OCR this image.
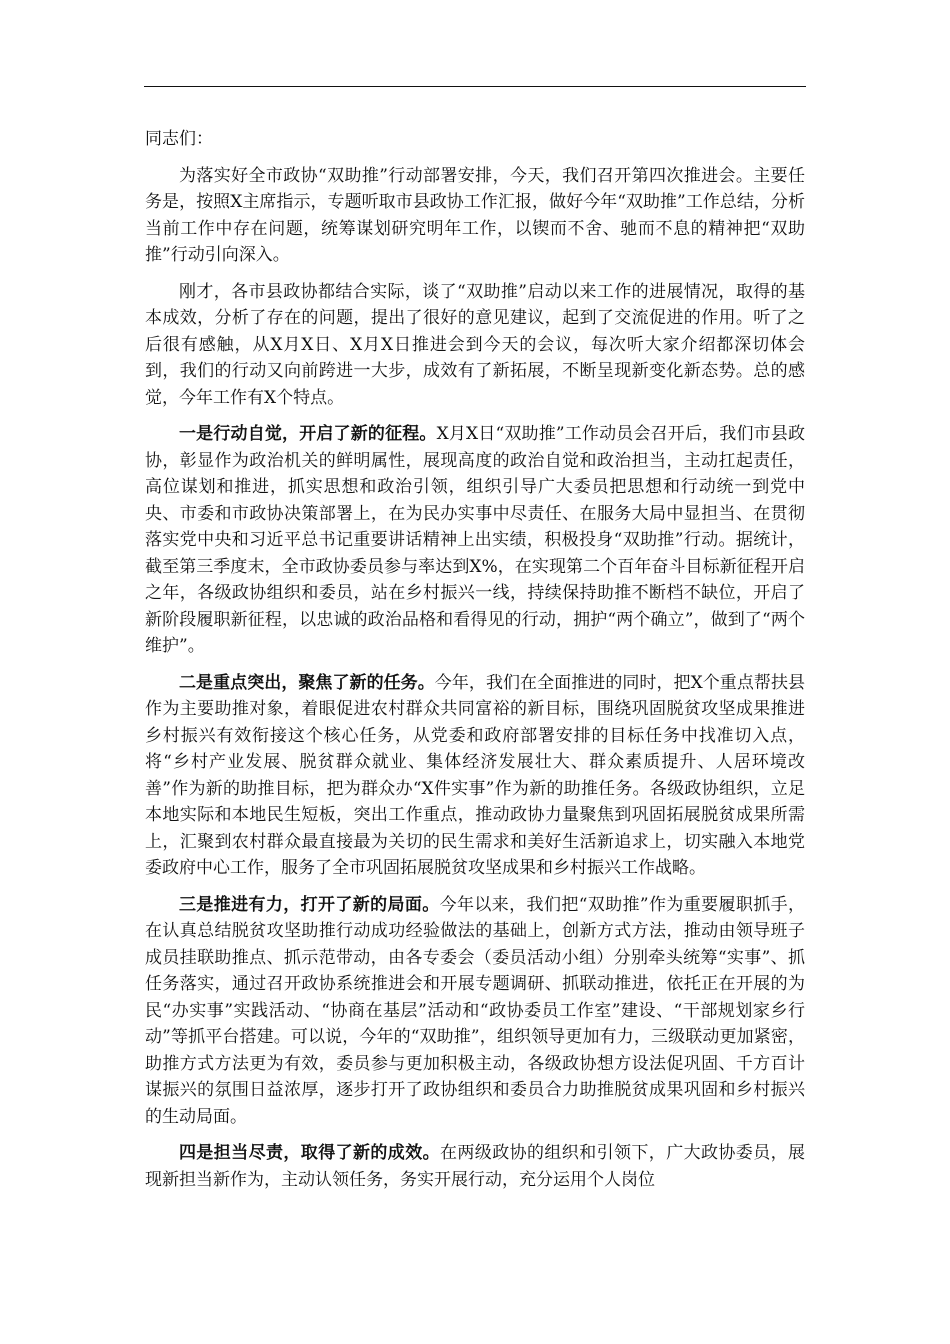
同志们：

为落实好全市政协“双助推”行动部署安排，今天，我们召开第四次推进会。主要任务是，按照X主席指示，专题听取市县政协工作汇报，做好今年“双助推”工作总结，分析当前工作中存在问题，统筹谋划研究明年工作，以锲而不舍、驰而不息的精神把“双助推”行动引向深入。

刚才，各市县政协都结合实际，谈了“双助推”启动以来工作的进展情况，取得的基本成效，分析了存在的问题，提出了很好的意见建议，起到了交流促进的作用。听了之后很有感触，从X月X日、X月X日推进会到今天的会议，每次听大家介绍都深切体会到，我们的行动又向前跨进一大步，成效有了新拓展，不断呈现新变化新态势。总的感觉，今年工作有X个特点。

一是行动自觉，开启了新的征程。X月X日“双助推”工作动员会召开后，我们市县政协，彰显作为政治机关的鲜明属性，展现高度的政治自觉和政治担当，主动扛起责任，高位谋划和推进，抓实思想和政治引领，组织引导广大委员把思想和行动统一到党中央、市委和市政协决策部署上，在为民办实事中尽责任、在服务大局中显担当、在贯彻落实党中央和习近平总书记重要讲话精神上出实绩，积极投身“双助推”行动。据统计，截至第三季度末，全市政协委员参与率达到X%，在实现第二个百年奋斗目标新征程开启之年，各级政协组织和委员，站在乡村振兴一线，持续保持助推不断档不缺位，开启了新阶段履职新征程，以忠诚的政治品格和看得见的行动，拥护“两个确立”，做到了“两个维护”。

二是重点突出，聚焦了新的任务。今年，我们在全面推进的同时，把X个重点帮扶县作为主要助推对象，着眼促进农村群众共同富裕的新目标，围绕巩固脱贫攻坚成果推进乡村振兴有效衔接这个核心任务，从党委和政府部署安排的目标任务中找准切入点，将“乡村产业发展、脱贫群众就业、集体经济发展壮大、群众素质提升、人居环境改善”作为新的助推目标，把为群众办“X件实事”作为新的助推任务。各级政协组织，立足本地实际和本地民生短板，突出工作重点，推动政协力量聚焦到巩固拓展脱贫成果所需上，汇聚到农村群众最直接最为关切的民生需求和美好生活新追求上，切实融入本地党委政府中心工作，服务了全市巩固拓展脱贫攻坚成果和乡村振兴工作战略。

三是推进有力，打开了新的局面。今年以来，我们把“双助推”作为重要履职抓手，在认真总结脱贫攻坚助推行动成功经验做法的基础上，创新方式方法，推动由领导班子成员挂联助推点、抓示范带动，由各专委会（委员活动小组）分别牵头统筹“实事”、抓任务落实，通过召开政协系统推进会和开展专题调研、抓联动推进，依托正在开展的为民“办实事”实践活动、“协商在基层”活动和“政协委员工作室”建设、“干部规划家乡行动”等抓平台搭建。可以说，今年的“双助推”，组织领导更加有力，三级联动更加紧密，助推方式方法更为有效，委员参与更加积极主动，各级政协想方设法促巩固、千方百计谋振兴的氛围日益浓厚，逐步打开了政协组织和委员合力助推脱贫成果巩固和乡村振兴的生动局面。

四是担当尽责，取得了新的成效。在两级政协的组织和引领下，广大政协委员，展现新担当新作为，主动认领任务，务实开展行动，充分运用个人岗位
